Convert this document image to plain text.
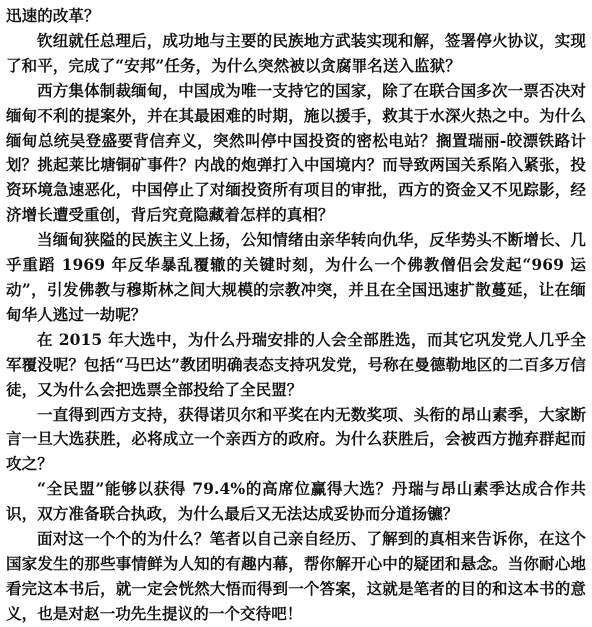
迅速的改革？

钦纽就任总理后，成功地与主要的民族地方武装实现和解，签署停火协议，实现了和平，完成了“安邦”任务，为什么突然被以贪腐罪名送入监狱？

西方集体制裁缅甸，中国成为唯一支持它的国家，除了在联合国多次一票否决对缅甸不利的提案外，并在其最困难的时期，施以援手，救其于水深火热之中。为什么缅甸总统吴登盛要背信弃义，突然叫停中国投资的密松电站？搁置瑞丽-皎漂铁路计划？挑起莱比塘铜矿事件？内战的炮弹打入中国境内？而导致两国关系陷入紧张，投资环境急速恶化，中国停止了对缅投资所有项目的审批，西方的资金又不见踪影，经济增长遭受重创，背后究竟隐藏着怎样的真相？

当缅甸狭隘的民族主义上扬，公知情绪由亲华转向仇华，反华势头不断增长、几乎重蹈 1969 年反华暴乱覆辙的关键时刻，为什么一个佛教僧侣会发起“969 运动”，引发佛教与穆斯林之间大规模的宗教冲突，并且在全国迅速扩散蔓延，让在缅甸华人逃过一劫呢？

在 2015 年大选中，为什么丹瑞安排的人会全部胜选，而其它巩发党人几乎全军覆没呢？包括“马巴达”教团明确表态支持巩发党，号称在曼德勒地区的二百多万信徒，又为什么会把选票全部投给了全民盟？

一直得到西方支持，获得诺贝尔和平奖在内无数奖项、头衔的昂山素季，大家断言一旦大选获胜，必将成立一个亲西方的政府。为什么获胜后，会被西方抛弃群起而攻之？

“全民盟”能够以获得 79.4%的高席位赢得大选？丹瑞与昂山素季达成合作共识，双方准备联合执政，为什么最后又无法达成妥协而分道扬镳？

面对这一个个的为什么？笔者以自己亲自经历、了解到的真相来告诉你，在这个国家发生的那些事情鲜为人知的有趣内幕，帮你解开心中的疑团和悬念。当你耐心地看完这本书后，就一定会恍然大悟而得到一个答案，这就是笔者的目的和这本书的意义，也是对赵一功先生提议的一个交待吧！
